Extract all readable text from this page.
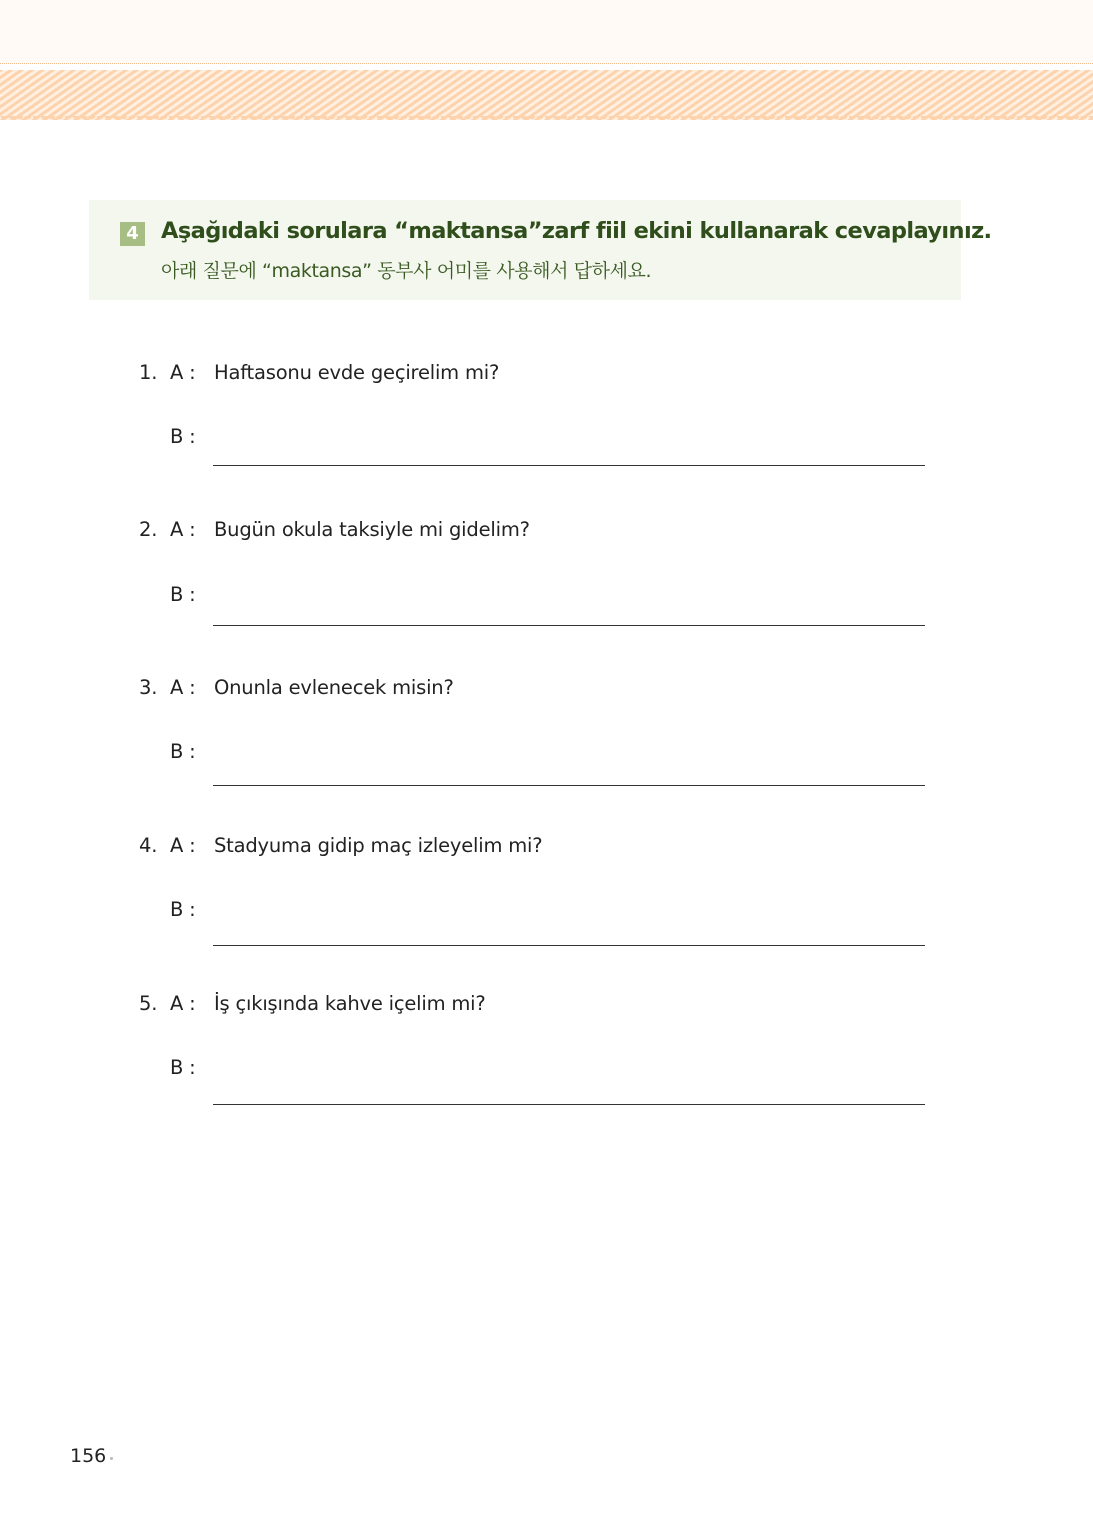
4 Aşağıdaki sorulara “maktansa”zarf fiil ekini kullanarak cevaplayınız.
아래 질문에 “maktansa” 동부사 어미를 사용해서 답하세요.
1. A : Haftasonu evde geçirelim mi?
B :
2. A : Bugün okula taksiyle mi gidelim?
B :
3. A : Onunla evlenecek misin?
B :
4. A : Stadyuma gidip maç izleyelim mi?
B :
5. A : İş çıkışında kahve içelim mi?
B :
156
